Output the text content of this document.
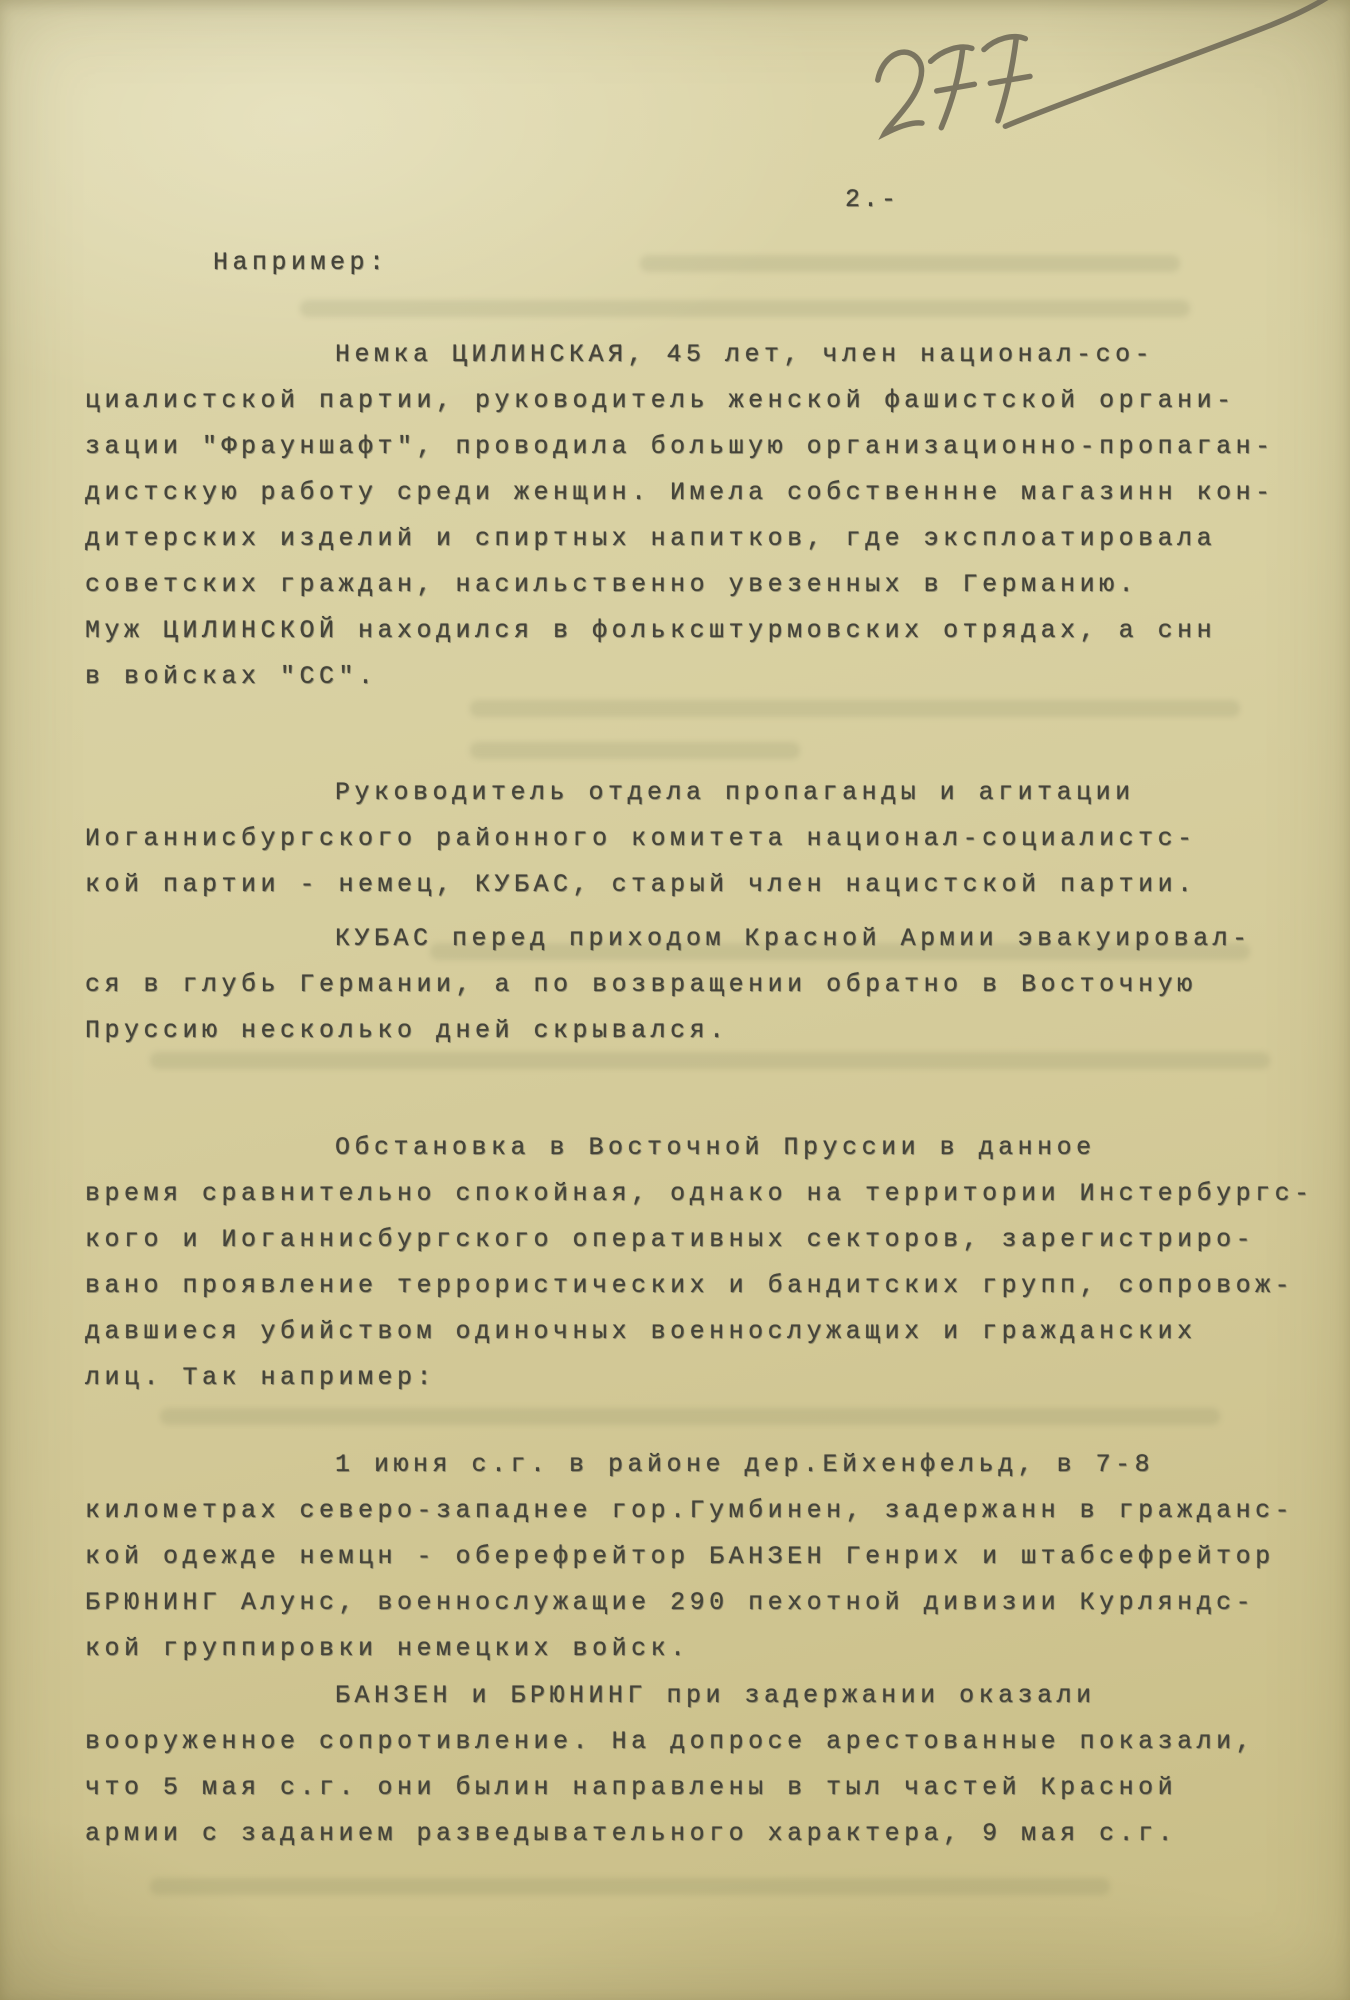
2.-
Например:
Немка ЦИЛИНСКАЯ, 45 лет, член национал-со-
циалистской партии, руководитель женской фашистской органи-
зации "Фрауншафт", проводила большую организационно-пропаган-
дистскую работу среди женщин. Имела собственнне магазинн кон-
дитерских изделий и спиртных напитков, где эксплоатировала
советских граждан, насильственно увезенных в Германию.
Муж ЦИЛИНСКОЙ находился в фольксштурмовских отрядах, а снн
в войсках "СС".
Руководитель отдела пропаганды и агитации
Иоганнисбургского районного комитета национал-социалистс-
кой партии - немец, КУБАС, старый член нацистской партии.
КУБАС перед приходом Красной Армии эвакуировал-
ся в глубь Германии, а по возвращении обратно в Восточную
Пруссию несколько дней скрывался.
Обстановка в Восточной Пруссии в данное
время сравнительно спокойная, однако на территории Инстербургс-
кого и Иоганнисбургского оперативных секторов, зарегистриро-
вано проявление террористических и бандитских групп, сопровож-
давшиеся убийством одиночных военнослужащих и гражданских
лиц. Так например:
1 июня с.г. в районе дер.Ейхенфельд, в 7-8
километрах северо-западнее гор.Гумбинен, задержанн в гражданс-
кой одежде немцн - оберефрейтор БАНЗЕН Генрих и штабсефрейтор
БРЮНИНГ Алунс, военнослужащие 290 пехотной дивизии Курляндс-
кой группировки немецких войск.
БАНЗЕН и БРЮНИНГ при задержании оказали
вооруженное сопротивление. На допросе арестованные показали,
что 5 мая с.г. они былин направлены в тыл частей Красной
армии с заданием разведывательного характера, 9 мая с.г.
